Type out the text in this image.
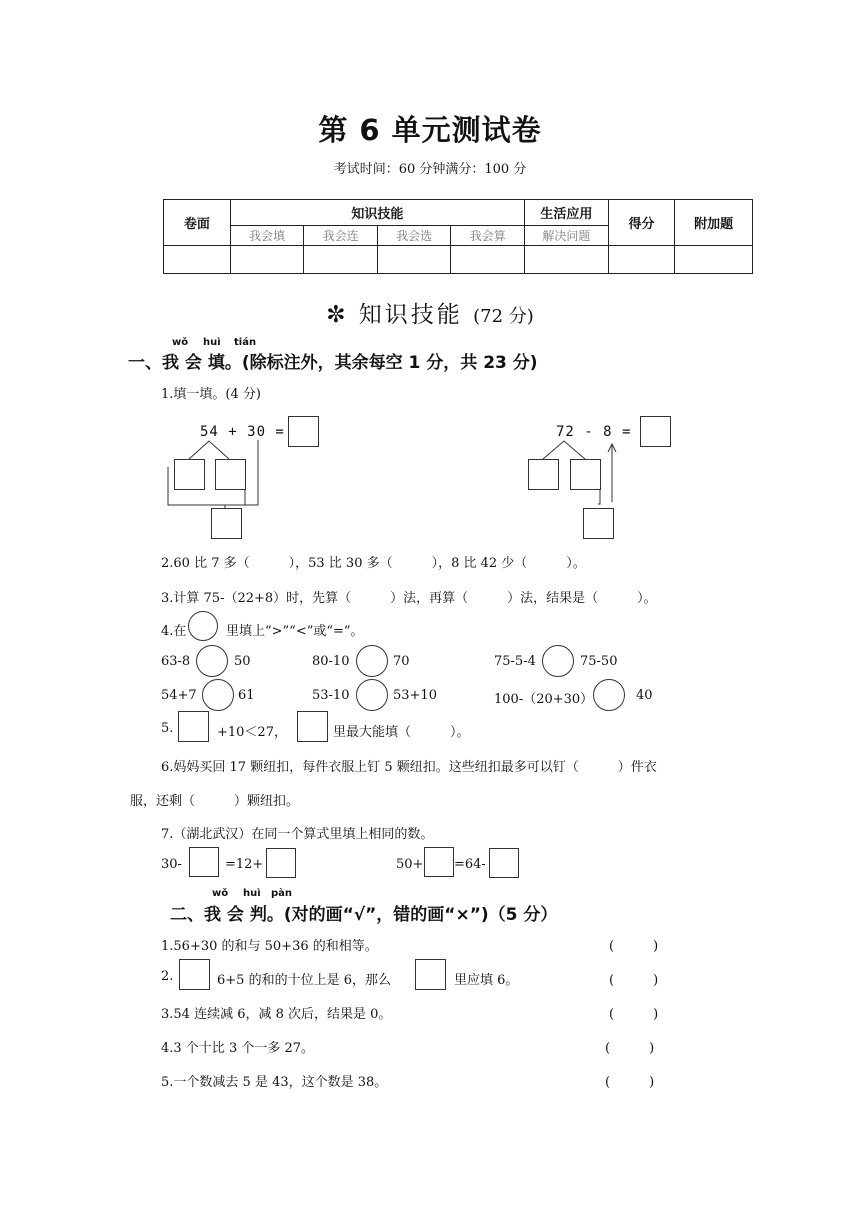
第 6 单元测试卷
考试时间：60 分钟满分：100 分
卷面	知识技能				生活应用	得分	附加题
	我会填	我会连	我会选	我会算	解决问题		

✼ 知识技能 (72 分)
wǒ huì tián
一、我 会 填。(除标注外，其余每空 1 分，共 23 分)
1.填一填。(4 分)
54 + 30 =	72 - 8 =
2.60 比 7 多（　　　），53 比 30 多（　　　），8 比 42 少（　　　）。
3.计算 75-（22+8）时，先算（　　　）法，再算（　　　）法，结果是（　　　）。
4.在	里填上“>”“<”或“=”。
63-8	50	80-10	70	75-5-4	75-50
54+7	61	53-10	53+10	100-（20+30）	40
5.	+10＜27，	里最大能填（　　　）。
6.妈妈买回 17 颗纽扣，每件衣服上钉 5 颗纽扣。这些纽扣最多可以钉（　　　）件衣
服，还剩（　　　）颗纽扣。
7.（湖北武汉）在同一个算式里填上相同的数。
30-	=12+	50+ =64-
wǒ huì pàn
二、我 会 判。(对的画“√”，错的画“×”)（5 分）
1.56+30 的和与 50+36 的和相等。	(　　　)
2.	6+5 的和的十位上是 6，那么	里应填 6。	(　　　)
3.54 连续减 6，减 8 次后，结果是 0。	(　　　)
4.3 个十比 3 个一多 27。	(　　　)
5.一个数减去 5 是 43，这个数是 38。	(　　　)
